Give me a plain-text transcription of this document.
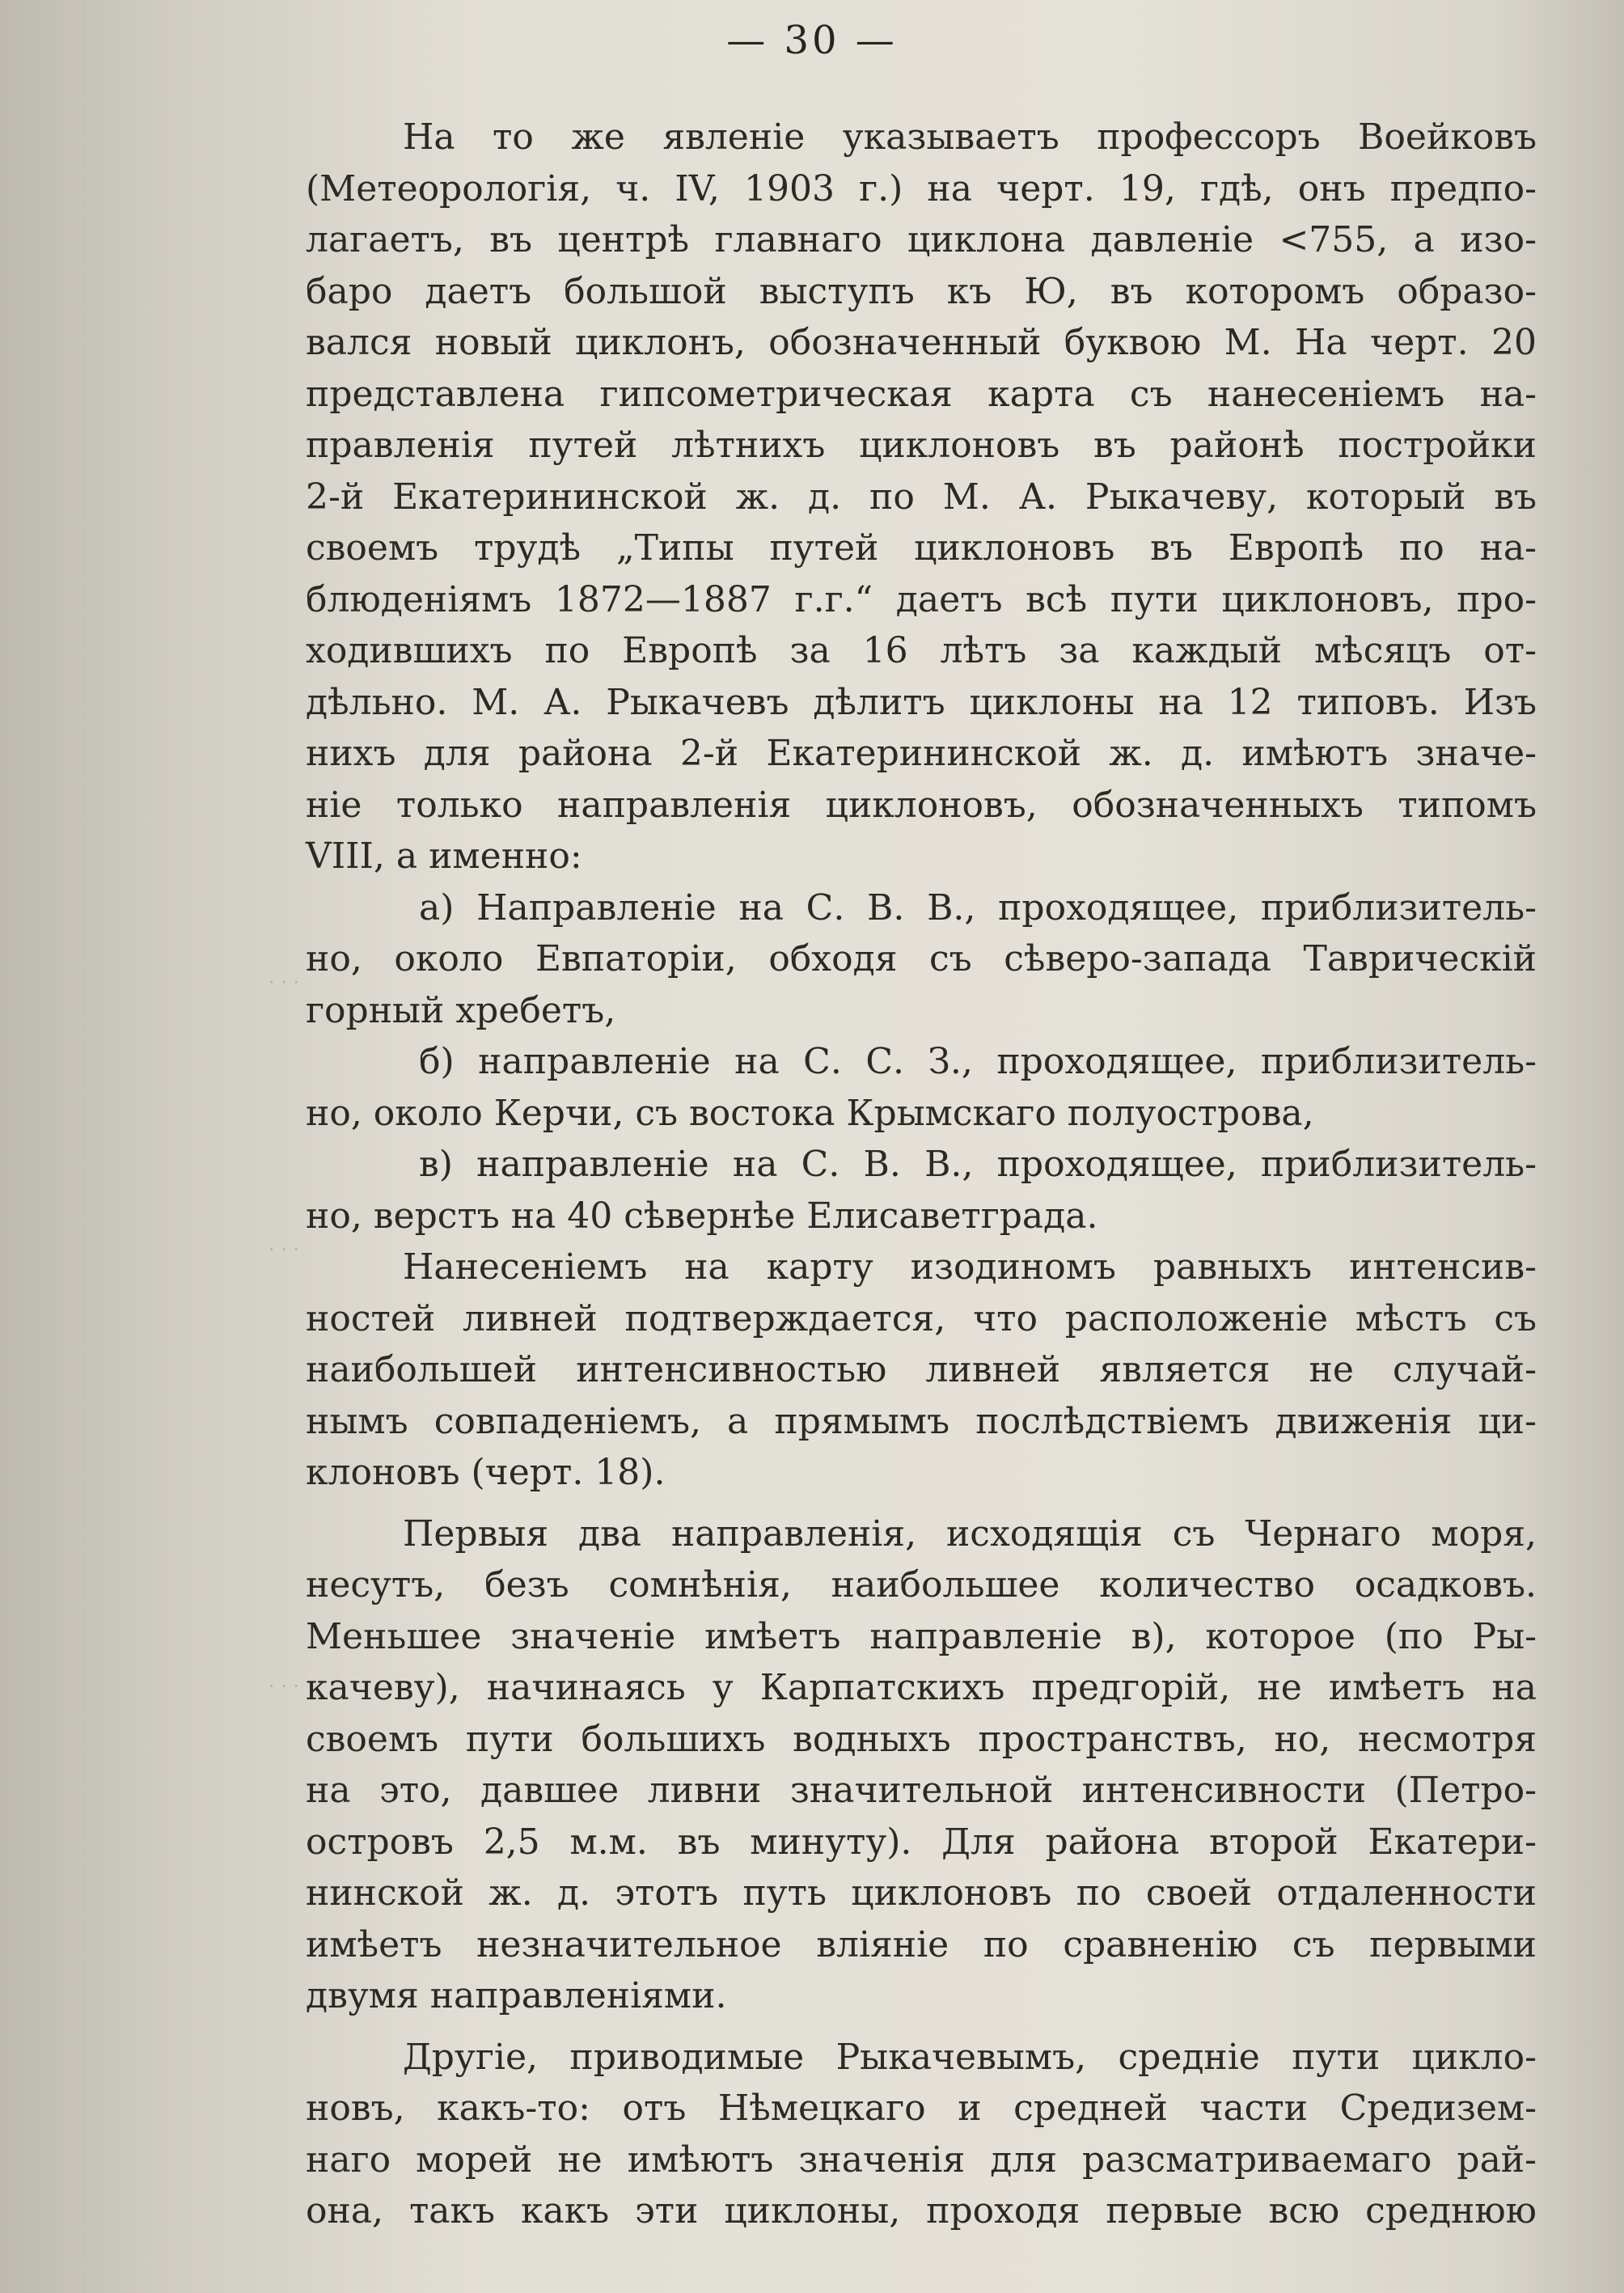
· · ·
· · ·
· · ·
— 30 —
На то же явленіе указываетъ профессоръ Воейковъ
(Метеорологія, ч. IV, 1903 г.) на черт. 19, гдѣ, онъ предпо-
лагаетъ, въ центрѣ главнаго циклона давленіе <755, а изо-
баро даетъ большой выступъ къ Ю, въ которомъ образо-
вался новый циклонъ, обозначенный буквою М. На черт. 20
представлена гипсометрическая карта съ нанесеніемъ на-
правленія путей лѣтнихъ циклоновъ въ районѣ постройки
2-й Екатерининской ж. д. по М. А. Рыкачеву, который въ
своемъ трудѣ „Типы путей циклоновъ въ Европѣ по на-
блюденіямъ 1872—1887 г.г.“ даетъ всѣ пути циклоновъ, про-
ходившихъ по Европѣ за 16 лѣтъ за каждый мѣсяцъ от-
дѣльно. М. А. Рыкачевъ дѣлитъ циклоны на 12 типовъ. Изъ
нихъ для района 2-й Екатерининской ж. д. имѣютъ значе-
ніе только направленія циклоновъ, обозначенныхъ типомъ
VIII, а именно:
а) Направленіе на С. В. В., проходящее, приблизитель-
но, около Евпаторіи, обходя съ сѣверо-запада Таврическій
горный хребетъ,
б) направленіе на С. С. З., проходящее, приблизитель-
но, около Керчи, съ востока Крымскаго полуострова,
в) направленіе на С. В. В., проходящее, приблизитель-
но, верстъ на 40 сѣвернѣе Елисаветграда.
Нанесеніемъ на карту изодиномъ равныхъ интенсив-
ностей ливней подтверждается, что расположеніе мѣстъ съ
наибольшей интенсивностью ливней является не случай-
нымъ совпаденіемъ, а прямымъ послѣдствіемъ движенія ци-
клоновъ (черт. 18).
Первыя два направленія, исходящія съ Чернаго моря,
несутъ, безъ сомнѣнія, наибольшее количество осадковъ.
Меньшее значеніе имѣетъ направленіе в), которое (по Ры-
качеву), начинаясь у Карпатскихъ предгорій, не имѣетъ на
своемъ пути большихъ водныхъ пространствъ, но, несмотря
на это, давшее ливни значительной интенсивности (Петро-
островъ 2,5 м.м. въ минуту). Для района второй Екатери-
нинской ж. д. этотъ путь циклоновъ по своей отдаленности
имѣетъ незначительное вліяніе по сравненію съ первыми
двумя направленіями.
Другіе, приводимые Рыкачевымъ, средніе пути цикло-
новъ, какъ-то: отъ Нѣмецкаго и средней части Средизем-
наго морей не имѣютъ значенія для разсматриваемаго рай-
она, такъ какъ эти циклоны, проходя первые всю среднюю
